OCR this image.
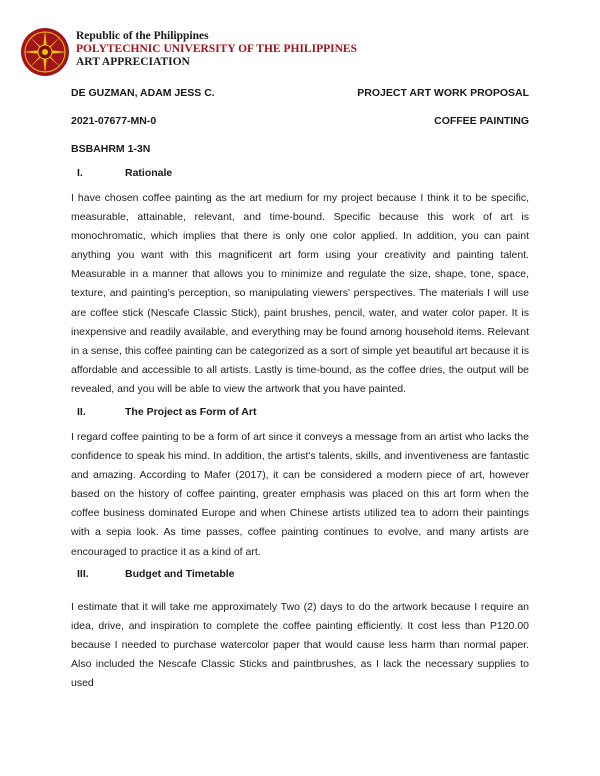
Republic of the Philippines
POLYTECHNIC UNIVERSITY OF THE PHILIPPINES
ART APPRECIATION
DE GUZMAN, ADAM JESS C.	PROJECT ART WORK PROPOSAL
2021-07677-MN-0	COFFEE PAINTING
BSBAHRM 1-3N
I.	Rationale

I have chosen coffee painting as the art medium for my project because I think it to be specific, measurable, attainable, relevant, and time-bound. Specific because this work of art is monochromatic, which implies that there is only one color applied. In addition, you can paint anything you want with this magnificent art form using your creativity and painting talent. Measurable in a manner that allows you to minimize and regulate the size, shape, tone, space, texture, and painting's perception, so manipulating viewers' perspectives. The materials I will use are coffee stick (Nescafe Classic Stick), paint brushes, pencil, water, and water color paper. It is inexpensive and readily available, and everything may be found among household items. Relevant in a sense, this coffee painting can be categorized as a sort of simple yet beautiful art because it is affordable and accessible to all artists. Lastly is time-bound, as the coffee dries, the output will be revealed, and you will be able to view the artwork that you have painted.

II.	The Project as Form of Art

I regard coffee painting to be a form of art since it conveys a message from an artist who lacks the confidence to speak his mind. In addition, the artist's talents, skills, and inventiveness are fantastic and amazing. According to Mafer (2017), it can be considered a modern piece of art, however based on the history of coffee painting, greater emphasis was placed on this art form when the coffee business dominated Europe and when Chinese artists utilized tea to adorn their paintings with a sepia look. As time passes, coffee painting continues to evolve, and many artists are encouraged to practice it as a kind of art.

III.	Budget and Timetable

I estimate that it will take me approximately Two (2) days to do the artwork because I require an idea, drive, and inspiration to complete the coffee painting efficiently. It cost less than P120.00 because I needed to purchase watercolor paper that would cause less harm than normal paper. Also included the Nescafe Classic Sticks and paintbrushes, as I lack the necessary supplies to used
